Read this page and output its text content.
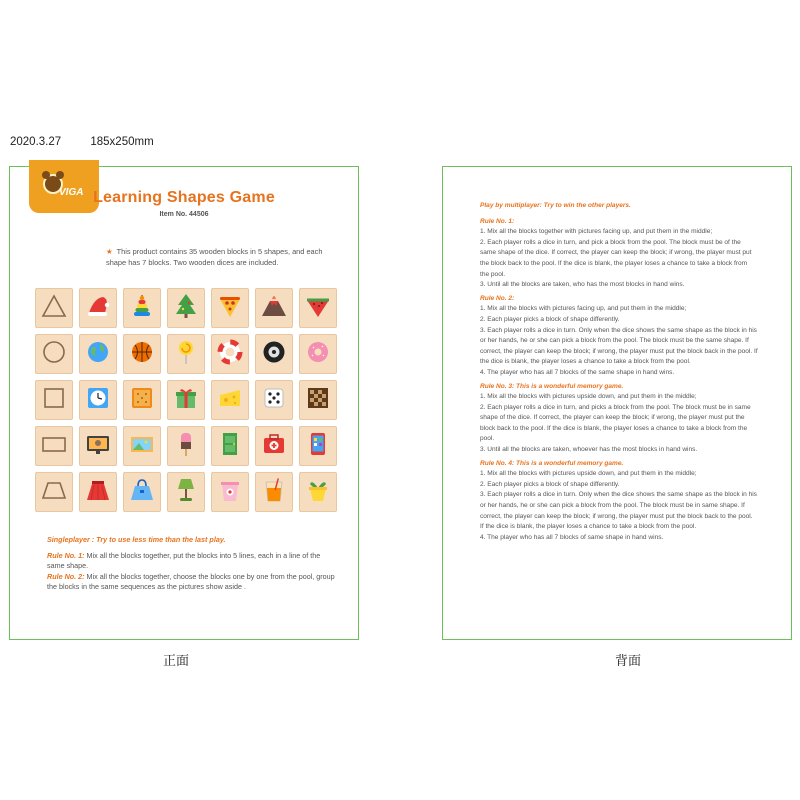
2020.3.27	185x250mm
VIGA Learning Shapes Game
Item No. 44506
★ This product contains 35 wooden blocks in 5 shapes, and each shape has 7 blocks. Two wooden dices are included.
Singleplayer : Try to use less time than the last play.

Rule No. 1: Mix all the blocks together, put the blocks into 5 lines, each in a line of the same shape.

Rule No. 2: Mix all the blocks together, choose the blocks one by one from the pool, group the blocks in the same sequences as the pictures show aside .

Play by multiplayer: Try to win the other players.
Rule No. 1:
1. Mix all the blocks together with pictures facing up, and put them in the middle;
2. Each player rolls a dice in turn, and pick a block from the pool. The block must be of the same shape of the dice. If correct, the player can keep the block; if wrong, the player must put the block back to the pool. If the dice is blank, the player loses a chance to take a block from the pool.
3. Until all the blocks are taken, who has the most blocks in hand wins.
Rule No. 2:
1. Mix all the blocks with pictures facing up, and put them in the middle;
2. Each player picks a block of shape differently.
3. Each player rolls a dice in turn. Only when the dice shows the same shape as the block in his or her hands, he or she can pick a block from the pool. The block must be the same shape. If correct, the player can keep the block; if wrong, the player must put the block back in the pool. If the dice is blank, the player loses a chance to take a block from the pool.
4. The player who has all 7 blocks of the same shape in hand wins.
Rule No. 3: This is a wonderful memory game.
1. Mix all the blocks with pictures upside down, and put them in the middle;
2. Each player rolls a dice in turn, and picks a block from the pool. The block must be in same shape of the dice. If correct, the player can keep the block; if wrong, the player must put the block back to the pool. If the dice is blank, the player loses a chance to take a block from the pool.
3. Until all the blocks are taken, whoever has the most blocks in hand wins.
Rule No. 4: This is a wonderful memory game.
1. Mix all the blocks with pictures upside down, and put them in the middle;
2. Each player picks a block of shape differently.
3. Each player rolls a dice in turn. Only when the dice shows the same shape as the block in his or her hands, he or she can pick a block from the pool. The block must be in same shape. If correct, the player can keep the block; if wrong, the player must put the block back to the pool. If the dice is blank, the player loses a chance to take a block from the pool.
4. The player who has all 7 blocks of same shape in hand wins.
正面	背面
